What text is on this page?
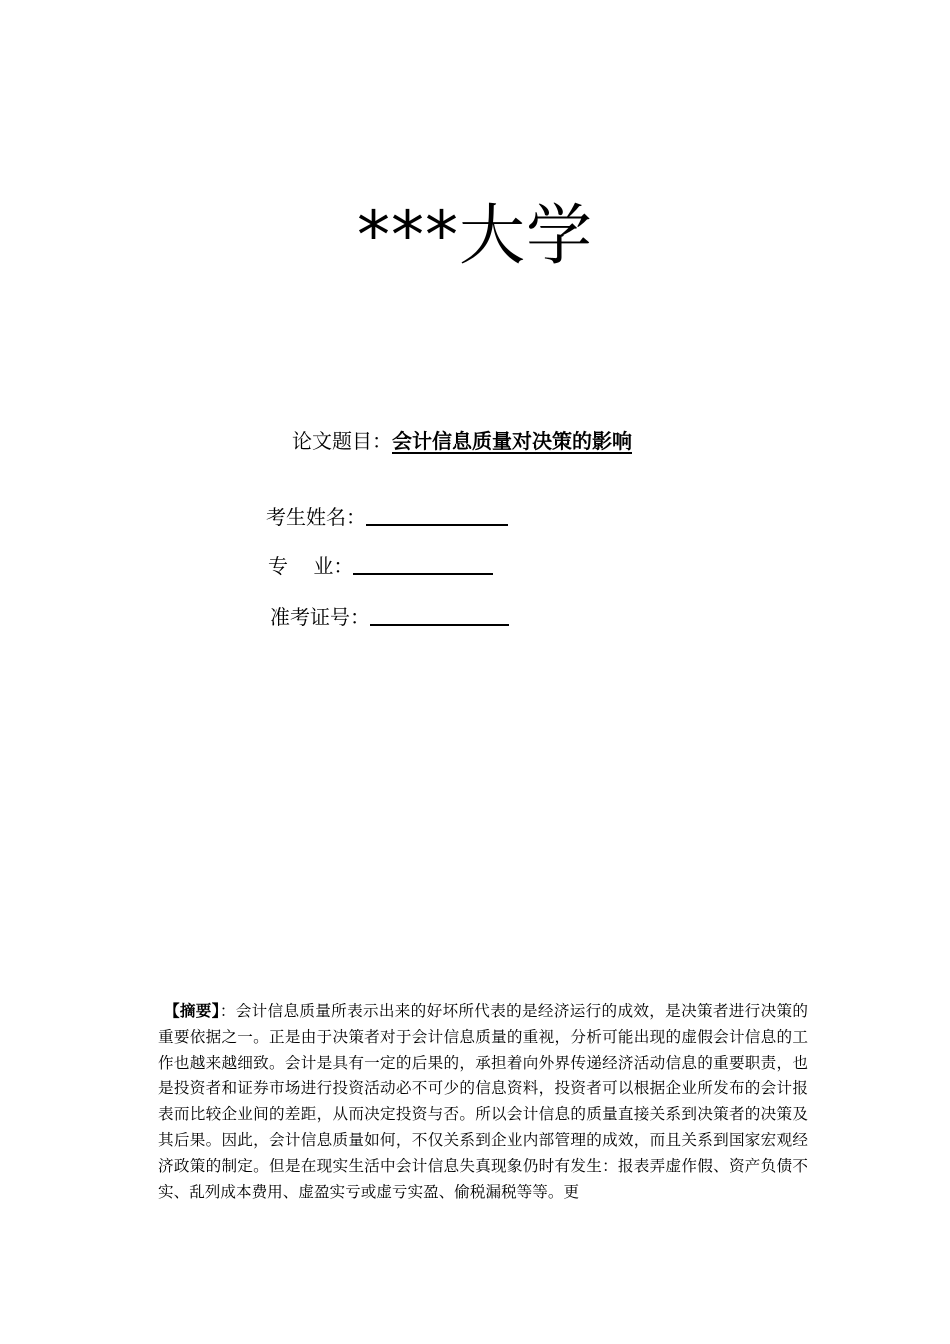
***大学
论文题目：会计信息质量对决策的影响
考生姓名：
专    业：
准考证号：
【摘要】：会计信息质量所表示出来的好坏所代表的是经济运行的成效，是决策者进行决策的重要依据之一。正是由于决策者对于会计信息质量的重视，分析可能出现的虚假会计信息的工作也越来越细致。会计是具有一定的后果的，承担着向外界传递经济活动信息的重要职责，也是投资者和证券市场进行投资活动必不可少的信息资料，投资者可以根据企业所发布的会计报表而比较企业间的差距，从而决定投资与否。所以会计信息的质量直接关系到决策者的决策及其后果。因此，会计信息质量如何，不仅关系到企业内部管理的成效，而且关系到国家宏观经济政策的制定。但是在现实生活中会计信息失真现象仍时有发生：报表弄虚作假、资产负债不实、乱列成本费用、虚盈实亏或虚亏实盈、偷税漏税等等。更
